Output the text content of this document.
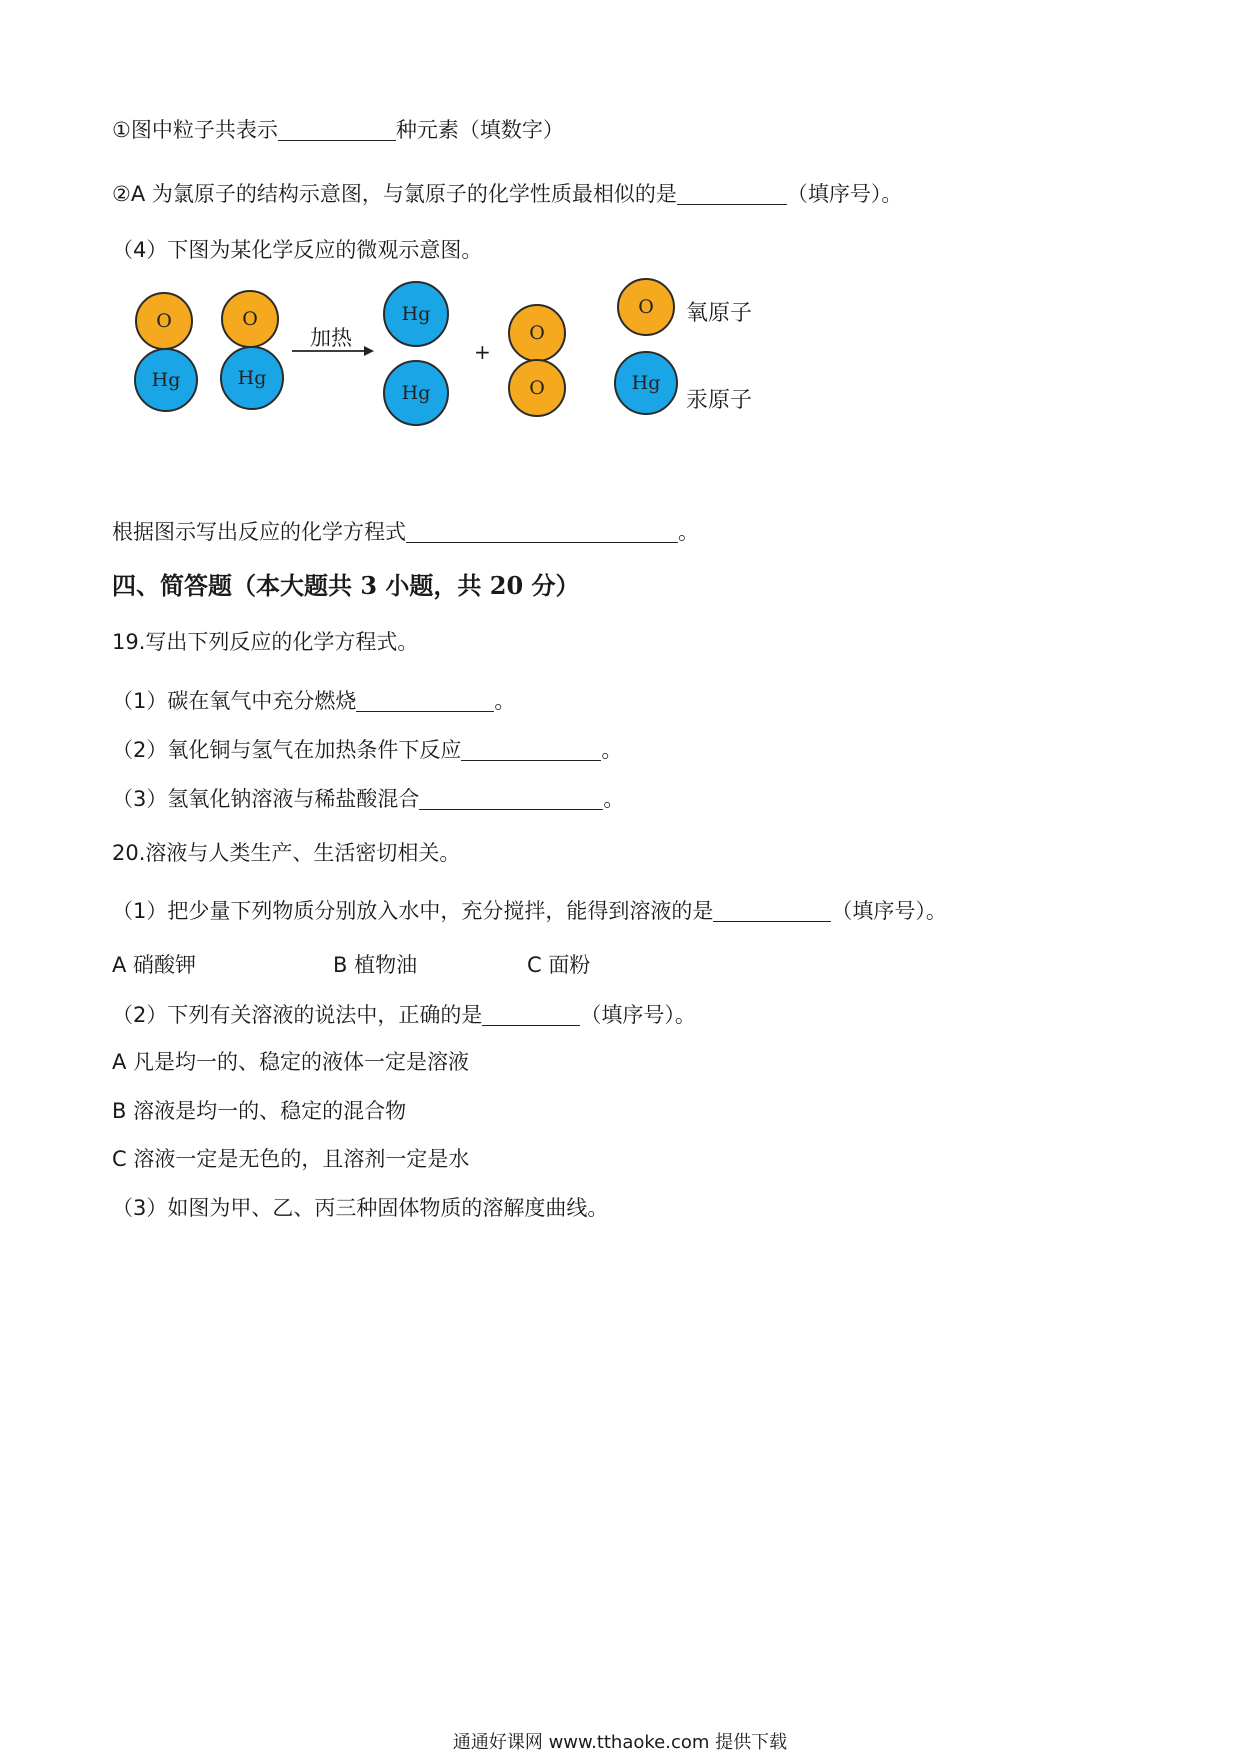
①图中粒子共表示	种元素（填数字）
②A 为氯原子的结构示意图，与氯原子的化学性质最相似的是	（填序号）。
（4）下图为某化学反应的微观示意图。
O
Hg
O
Hg
加热
Hg
Hg
+
O
O
O	氧原子
Hg
汞原子
根据图示写出反应的化学方程式	。
四、简答题（本大题共 3 小题，共 20 分）
19.写出下列反应的化学方程式。
（1）碳在氧气中充分燃烧	。
（2）氧化铜与氢气在加热条件下反应	。
（3）氢氧化钠溶液与稀盐酸混合	。
20.溶液与人类生产、生活密切相关。
（1）把少量下列物质分别放入水中，充分搅拌，能得到溶液的是	（填序号）。
A 硝酸钾	B 植物油	C 面粉
（2）下列有关溶液的说法中，正确的是	（填序号）。
A 凡是均一的、稳定的液体一定是溶液
B 溶液是均一的、稳定的混合物
C 溶液一定是无色的，且溶剂一定是水
（3）如图为甲、乙、丙三种固体物质的溶解度曲线。
通通好课网 www.tthaoke.com 提供下载
